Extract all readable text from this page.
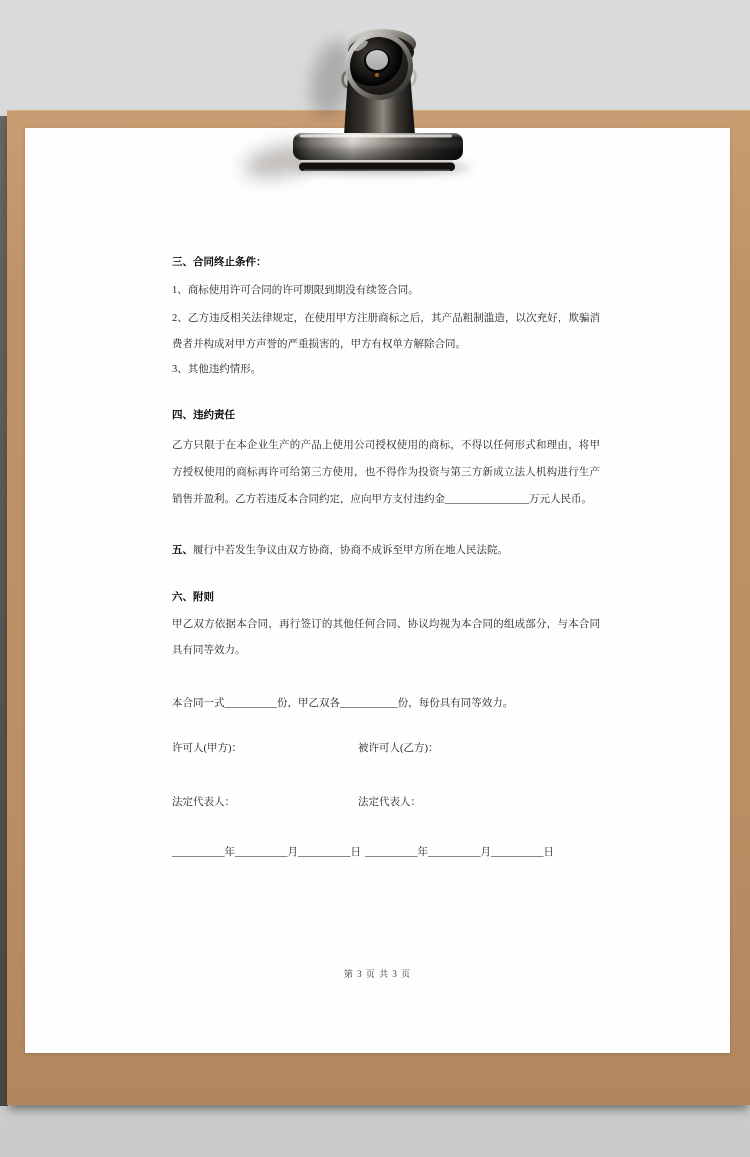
三、合同终止条件：
1、商标使用许可合同的许可期限到期没有续签合同。
2、乙方违反相关法律规定，在使用甲方注册商标之后，其产品粗制滥造，以次充好，欺骗消费者并构成对甲方声誉的严重损害的，甲方有权单方解除合同。
3、其他违约情形。
四、违约责任
乙方只限于在本企业生产的产品上使用公司授权使用的商标，不得以任何形式和理由，将甲方授权使用的商标再许可给第三方使用，也不得作为投资与第三方新成立法人机构进行生产销售并盈利。乙方若违反本合同约定，应向甲方支付违约金________________万元人民币。
五、履行中若发生争议由双方协商，协商不成诉至甲方所在地人民法院。
六、附则
甲乙双方依据本合同，再行签订的其他任何合同、协议均视为本合同的组成部分，与本合同具有同等效力。
本合同一式__________份，甲乙双各___________份，每份具有同等效力。
许可人(甲方)：	被许可人(乙方)：
法定代表人：	法定代表人：
__________年__________月__________日 __________年__________月__________日
第 3 页 共 3 页
